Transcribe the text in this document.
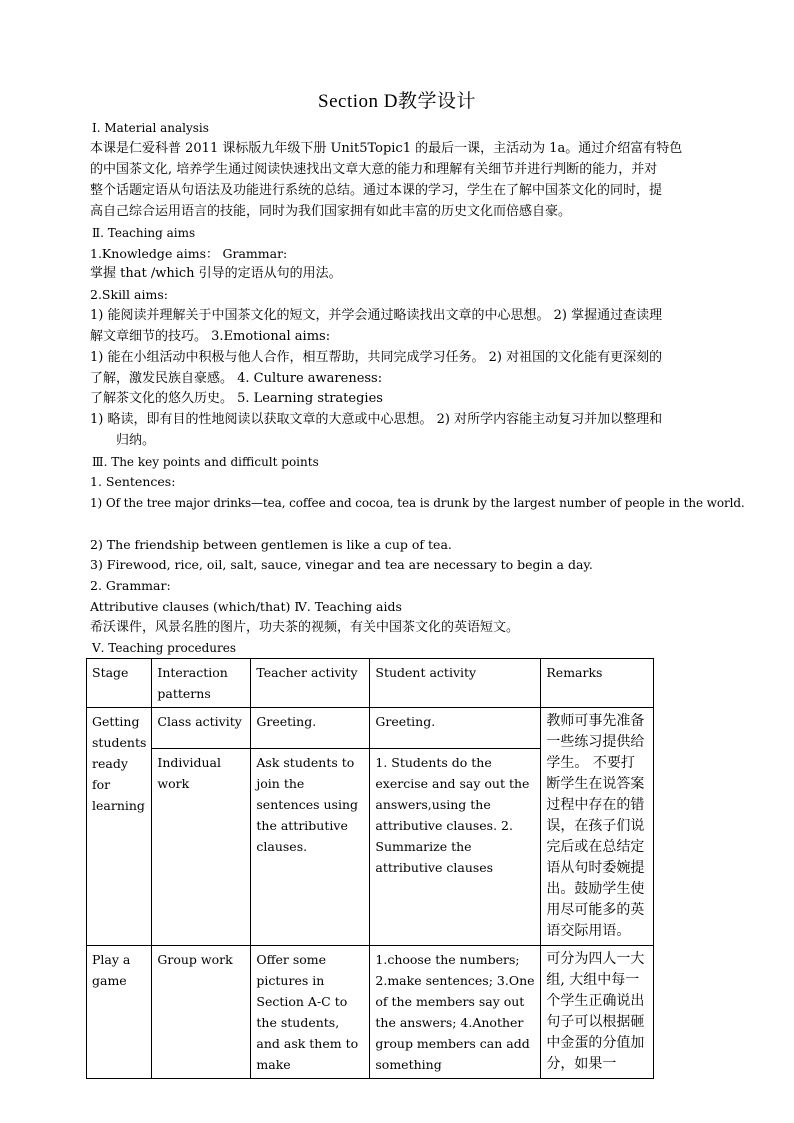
Section D教学设计
Ⅰ. Material analysis
本课是仁爱科普 2011 课标版九年级下册 Unit5Topic1 的最后一课，主活动为 1a。通过介绍富有特色
的中国茶文化, 培养学生通过阅读快速找出文章大意的能力和理解有关细节并进行判断的能力，并对
整个话题定语从句语法及功能进行系统的总结。通过本课的学习，学生在了解中国茶文化的同时，提
高自己综合运用语言的技能，同时为我们国家拥有如此丰富的历史文化而倍感自豪。
Ⅱ. Teaching aims
1.Knowledge aims： Grammar:
掌握 that /which 引导的定语从句的用法。
2.Skill aims:
1) 能阅读并理解关于中国茶文化的短文，并学会通过略读找出文章的中心思想。 2) 掌握通过查读理
解文章细节的技巧。 3.Emotional aims:
1) 能在小组活动中积极与他人合作，相互帮助，共同完成学习任务。 2) 对祖国的文化能有更深刻的
了解，激发民族自豪感。 4. Culture awareness:
了解茶文化的悠久历史。 5. Learning strategies
1) 略读，即有目的性地阅读以获取文章的大意或中心思想。 2) 对所学内容能主动复习并加以整理和
归纳。
Ⅲ. The key points and difficult points
1. Sentences:
1) Of the tree major drinks—tea, coffee and cocoa, tea is drunk by the largest number of people in the world.
2) The friendship between gentlemen is like a cup of tea.
3) Firewood, rice, oil, salt, sauce, vinegar and tea are necessary to begin a day.
2. Grammar:
Attributive clauses (which/that) Ⅳ. Teaching aids
希沃课件，风景名胜的图片，功夫茶的视频，有关中国茶文化的英语短文。
Ⅴ. Teaching procedures
Stage	Interaction patterns	Teacher activity	Student activity	Remarks
Getting students ready for learning	Class activity	Greeting.	Greeting.	教师可事先准备一些练习提供给学生。 不要打断学生在说答案过程中存在的错误，在孩子们说完后或在总结定语从句时委婉提出。鼓励学生使用尽可能多的英语交际用语。
	Individual work	Ask students to join the sentences using the attributive clauses.	1. Students do the exercise and say out the answers,using the attributive clauses. 2. Summarize the attributive clauses	
Play a game	Group work	Offer some pictures in Section A-C to the students, and ask them to make	1.choose the numbers; 2.make sentences; 3.One of the members say out the answers; 4.Another group members can add something	可分为四人一大组, 大组中每一个学生正确说出句子可以根据砸中金蛋的分值加分，如果一
